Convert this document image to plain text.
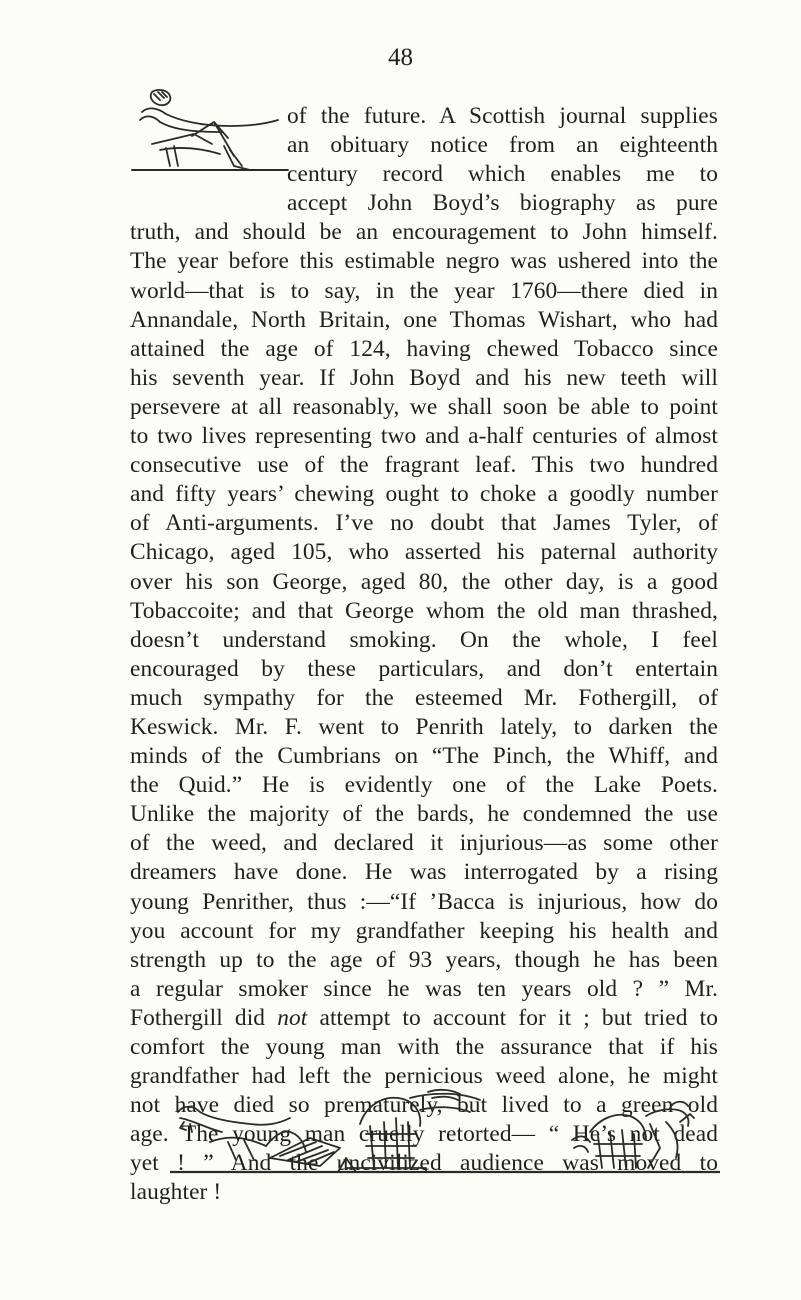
48
of the future. A Scottish journal supplies
an obituary notice from an eighteenth
century record which enables me to
accept John Boyd’s biography as pure
truth, and should be an encouragement to John himself.
The year before this estimable negro was ushered into the
world—that is to say, in the year 1760—there died in
Annandale, North Britain, one Thomas Wishart, who had
attained the age of 124, having chewed Tobacco since
his seventh year. If John Boyd and his new teeth will
persevere at all reasonably, we shall soon be able to point
to two lives representing two and a-half centuries of almost
consecutive use of the fragrant leaf. This two hundred
and fifty years’ chewing ought to choke a goodly number
of Anti-arguments. I’ve no doubt that James Tyler, of
Chicago, aged 105, who asserted his paternal authority
over his son George, aged 80, the other day, is a good
Tobaccoite; and that George whom the old man thrashed,
doesn’t understand smoking. On the whole, I feel
encouraged by these particulars, and don’t entertain
much sympathy for the esteemed Mr. Fothergill, of
Keswick. Mr. F. went to Penrith lately, to darken the
minds of the Cumbrians on “The Pinch, the Whiff, and
the Quid.” He is evidently one of the Lake Poets.
Unlike the majority of the bards, he condemned the use
of the weed, and declared it injurious—as some other
dreamers have done. He was interrogated by a rising
young Penrither, thus :—“If ’Bacca is injurious, how do
you account for my grandfather keeping his health and
strength up to the age of 93 years, though he has been
a regular smoker since he was ten years old ? ” Mr.
Fothergill did not attempt to account for it ; but tried to
comfort the young man with the assurance that if his
grandfather had left the pernicious weed alone, he might
not have died so prematurely, but lived to a green old
age. The young man cruelly retorted— “ He’s not dead
yet ! ” And the uncivilized audience was moved to
laughter !
